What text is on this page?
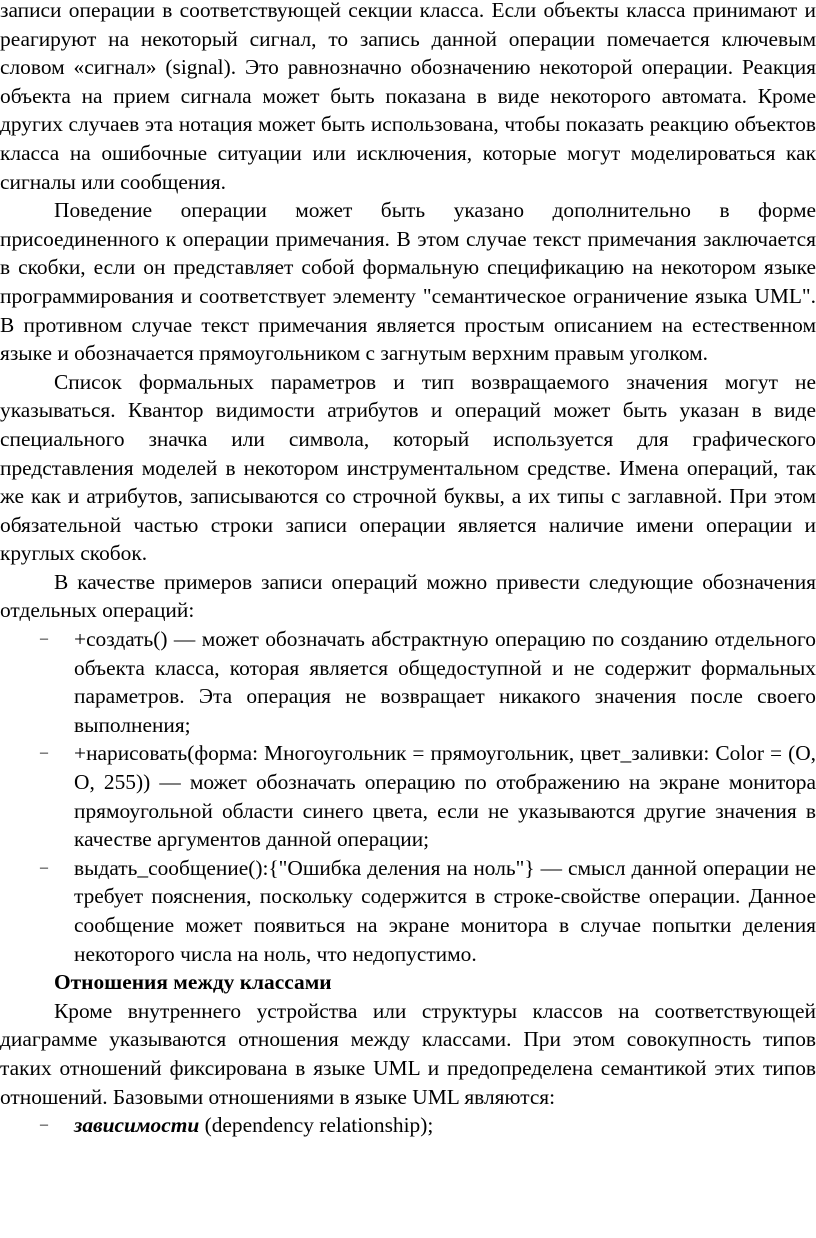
записи операции в соответствующей секции класса. Если объекты класса принимают и реагируют на некоторый сигнал, то запись данной операции помечается ключевым словом «сигнал» (signal). Это равнозначно обозначению некоторой операции. Реакция объекта на прием сигнала может быть показана в виде некоторого автомата. Кроме других случаев эта нотация может быть использована, чтобы показать реакцию объектов класса на ошибочные ситуации или исключения, которые могут моделироваться как сигналы или сообщения.

Поведение операции может быть указано дополнительно в форме присоединенного к операции примечания. В этом случае текст примечания заключается в скобки, если он представляет собой формальную спецификацию на некотором языке программирования и соответствует элементу "семантическое ограничение языка UML". В противном случае текст примечания является простым описанием на естественном языке и обозначается прямоугольником с загнутым верхним правым уголком.

Список формальных параметров и тип возвращаемого значения могут не указываться. Квантор видимости атрибутов и операций может быть указан в виде специального значка или символа, который используется для графического представления моделей в некотором инструментальном средстве. Имена операций, так же как и атрибутов, записываются со строчной буквы, а их типы с заглавной. При этом обязательной частью строки записи операции является наличие имени операции и круглых скобок.

В качестве примеров записи операций можно привести следующие обозначения отдельных операций:

– +создать() — может обозначать абстрактную операцию по созданию отдельного объекта класса, которая является общедоступной и не содержит формальных параметров. Эта операция не возвращает никакого значения после своего выполнения;
– +нарисовать(форма: Многоугольник = прямоугольник, цвет_заливки: Color = (O, O, 255)) — может обозначать операцию по отображению на экране монитора прямоугольной области синего цвета, если не указываются другие значения в качестве аргументов данной операции;
– выдать_сообщение():{"Ошибка деления на ноль"} — смысл данной операции не требует пояснения, поскольку содержится в строке-свойстве операции. Данное сообщение может появиться на экране монитора в случае попытки деления некоторого числа на ноль, что недопустимо.

Отношения между классами

Кроме внутреннего устройства или структуры классов на соответствующей диаграмме указываются отношения между классами. При этом совокупность типов таких отношений фиксирована в языке UML и предопределена семантикой этих типов отношений. Базовыми отношениями в языке UML являются:

– зависимости (dependency relationship);
